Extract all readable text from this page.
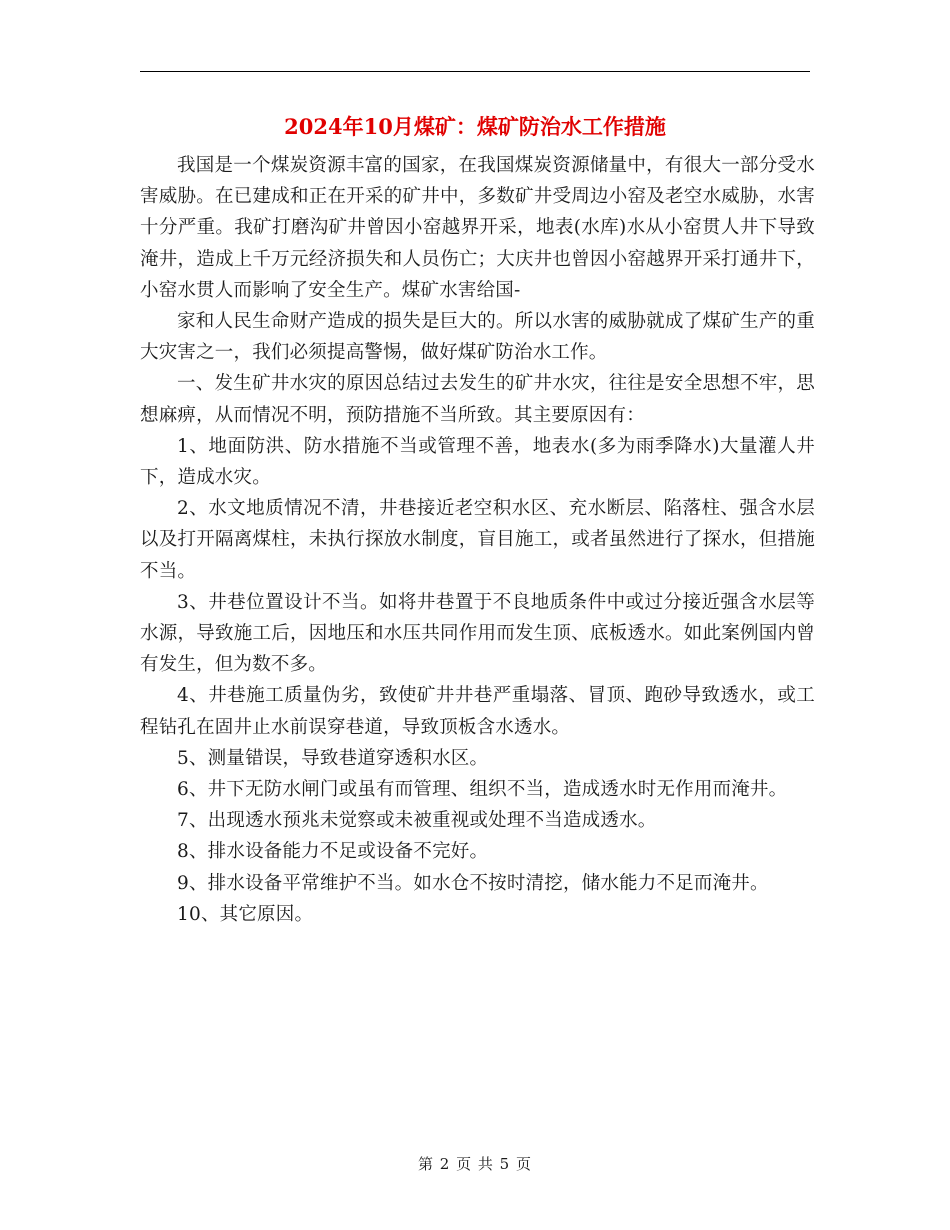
2024年10月煤矿：煤矿防治水工作措施

我国是一个煤炭资源丰富的国家，在我国煤炭资源储量中，有很大一部分受水害威胁。在已建成和正在开采的矿井中，多数矿井受周边小窑及老空水威胁，水害十分严重。我矿打磨沟矿井曾因小窑越界开采，地表(水库)水从小窑贯人井下导致淹井，造成上千万元经济损失和人员伤亡；大庆井也曾因小窑越界开采打通井下，小窑水贯人而影响了安全生产。煤矿水害给国-

家和人民生命财产造成的损失是巨大的。所以水害的威胁就成了煤矿生产的重大灾害之一，我们必须提高警惕，做好煤矿防治水工作。

一、发生矿井水灾的原因总结过去发生的矿井水灾，往往是安全思想不牢，思想麻痹，从而情况不明，预防措施不当所致。其主要原因有：

1、地面防洪、防水措施不当或管理不善，地表水(多为雨季降水)大量灌人井下，造成水灾。

2、水文地质情况不清，井巷接近老空积水区、充水断层、陷落柱、强含水层以及打开隔离煤柱，未执行探放水制度，盲目施工，或者虽然进行了探水，但措施不当。

3、井巷位置设计不当。如将井巷置于不良地质条件中或过分接近强含水层等水源，导致施工后，因地压和水压共同作用而发生顶、底板透水。如此案例国内曾有发生，但为数不多。

4、井巷施工质量伪劣，致使矿井井巷严重塌落、冒顶、跑砂导致透水，或工程钻孔在固井止水前误穿巷道，导致顶板含水透水。

5、测量错误，导致巷道穿透积水区。

6、井下无防水闸门或虽有而管理、组织不当，造成透水时无作用而淹井。

7、出现透水预兆未觉察或未被重视或处理不当造成透水。

8、排水设备能力不足或设备不完好。

9、排水设备平常维护不当。如水仓不按时清挖，储水能力不足而淹井。

10、其它原因。

第 2 页 共 5 页
